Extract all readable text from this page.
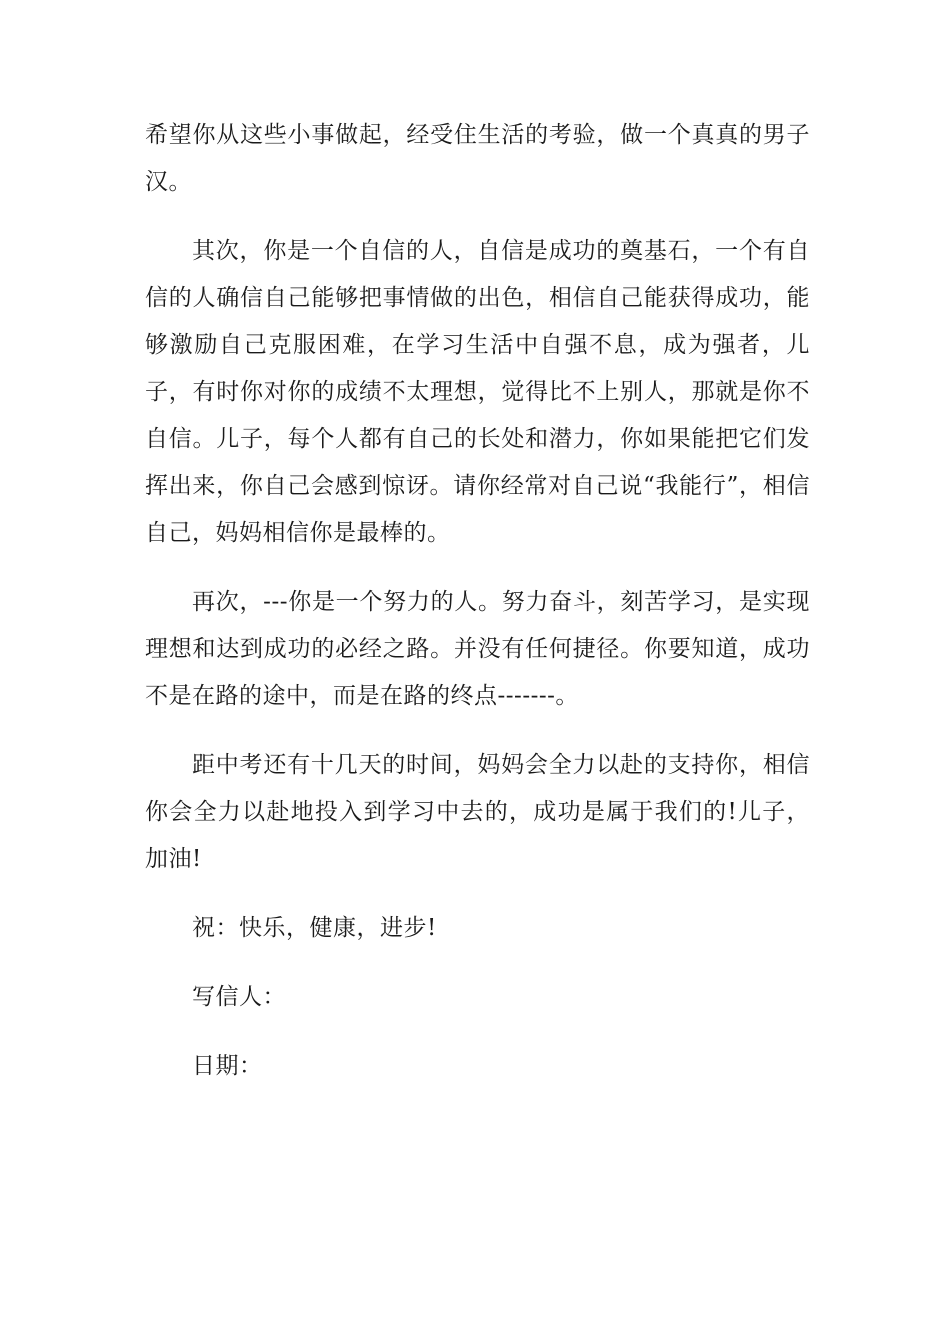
希望你从这些小事做起，经受住生活的考验，做一个真真的男子汉。

其次，你是一个自信的人，自信是成功的奠基石，一个有自信的人确信自己能够把事情做的出色，相信自己能获得成功，能够激励自己克服困难，在学习生活中自强不息，成为强者，儿子，有时你对你的成绩不太理想，觉得比不上别人，那就是你不自信。儿子，每个人都有自己的长处和潜力，你如果能把它们发挥出来，你自己会感到惊讶。请你经常对自己说“我能行”，相信自己，妈妈相信你是最棒的。

再次，---你是一个努力的人。努力奋斗，刻苦学习，是实现理想和达到成功的必经之路。并没有任何捷径。你要知道，成功不是在路的途中，而是在路的终点-------。

距中考还有十几天的时间，妈妈会全力以赴的支持你，相信你会全力以赴地投入到学习中去的，成功是属于我们的!儿子，加油!

祝：快乐，健康，进步!

写信人：

日期：
